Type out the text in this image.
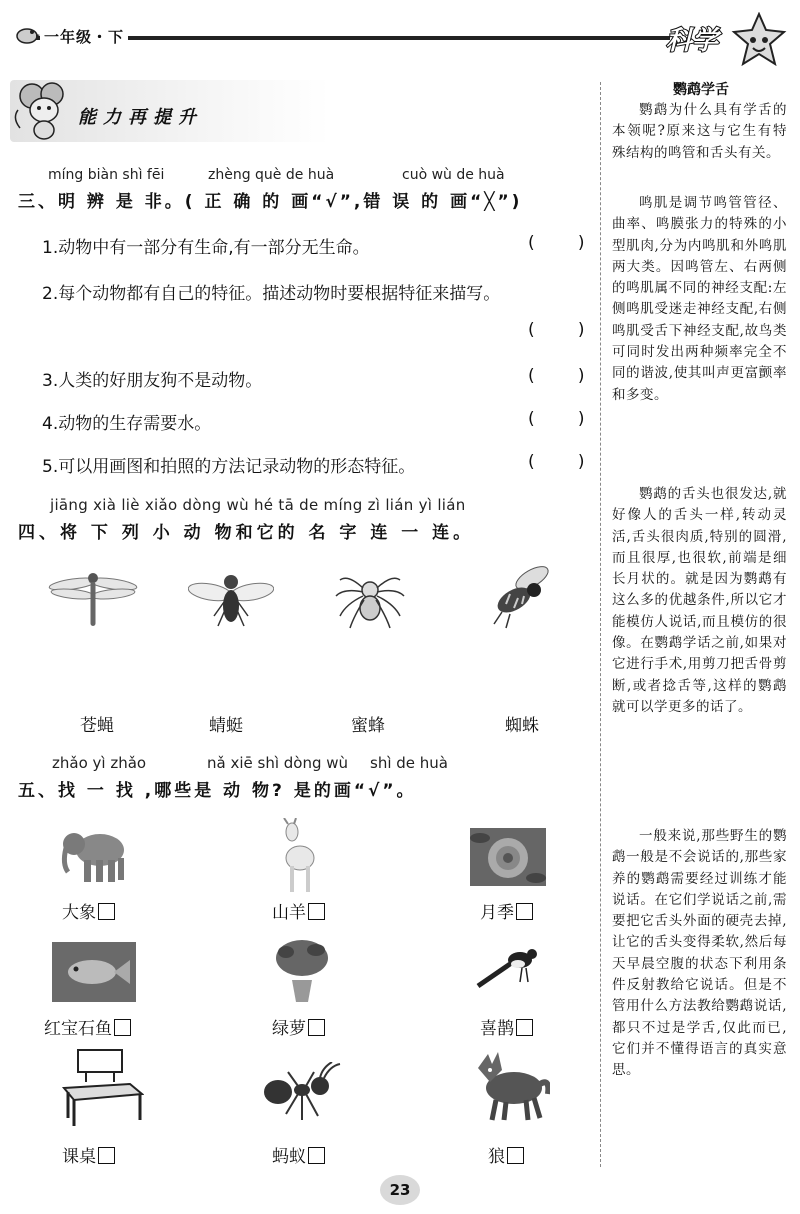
一年级・下	科学
能力再提升
míng biàn shì fēi	zhèng què de huà	cuò wù de huà
三、明 辨 是 非。( 正 确 的 画“√”,错 误 的 画“╳”)
1.动物中有一部分有生命,有一部分无生命。	(        )
2.每个动物都有自己的特征。描述动物时要根据特征来描写。
(        )
3.人类的好朋友狗不是动物。	(        )
4.动物的生存需要水。	(        )
5.可以用画图和拍照的方法记录动物的形态特征。	(        )
jiāng xià liè xiǎo dòng wù hé tā de míng zì lián yì lián
四、将 下 列 小 动 物和它的 名 字 连 一 连。
苍蝇	蜻蜓	蜜蜂	蜘蛛
zhǎo yì zhǎo	nǎ xiē shì dòng wù shì de huà
五、找 一 找 ,哪些是 动 物? 是的画“√”。
大象	山羊	月季
红宝石鱼	绿萝	喜鹊
课桌	蚂蚁	狼
鹦鹉学舌
鹦鹉为什么具有学舌的本领呢?原来这与它生有特殊结构的鸣管和舌头有关。
鸣肌是调节鸣管管径、曲率、鸣膜张力的特殊的小型肌肉,分为内鸣肌和外鸣肌两大类。因鸣管左、右两侧的鸣肌属不同的神经支配:左侧鸣肌受迷走神经支配,右侧鸣肌受舌下神经支配,故鸟类可同时发出两种频率完全不同的谐波,使其叫声更富颤率和多变。
鹦鹉的舌头也很发达,就好像人的舌头一样,转动灵活,舌头很肉质,特别的圆滑,而且很厚,也很软,前端是细长月状的。就是因为鹦鹉有这么多的优越条件,所以它才能模仿人说话,而且模仿的很像。在鹦鹉学话之前,如果对它进行手术,用剪刀把舌骨剪断,或者捻舌等,这样的鹦鹉就可以学更多的话了。
一般来说,那些野生的鹦鹉一般是不会说话的,那些家养的鹦鹉需要经过训练才能说话。在它们学说话之前,需要把它舌头外面的硬壳去掉,让它的舌头变得柔软,然后每天早晨空腹的状态下利用条件反射教给它说话。但是不管用什么方法教给鹦鹉说话,都只不过是学舌,仅此而已,它们并不懂得语言的真实意思。
23
